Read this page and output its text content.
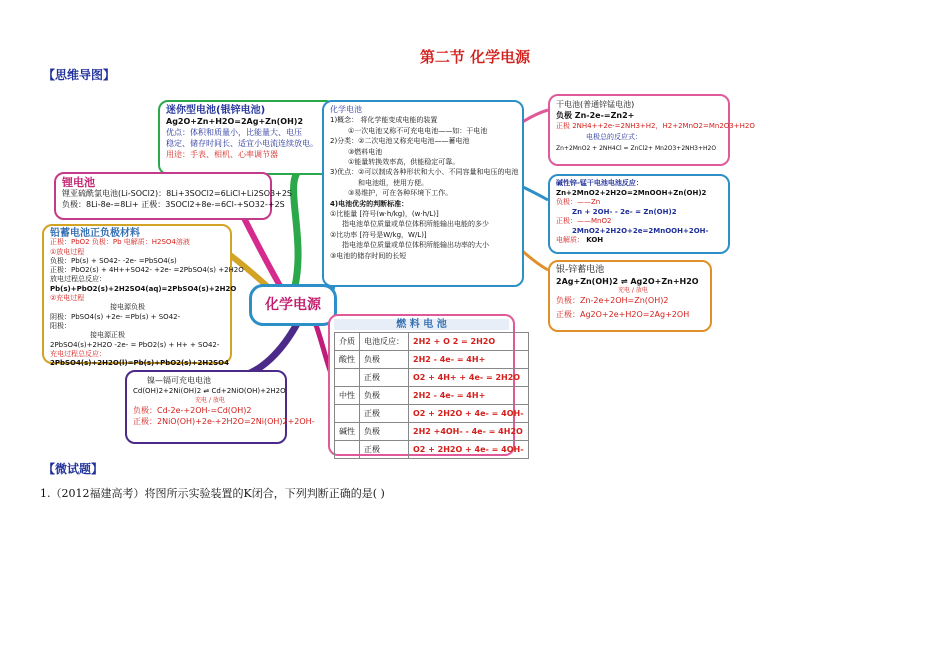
第二节 化学电源
【思维导图】
化学电源

迷你型电池(银锌电池)

Ag2O+Zn+H2O=2Ag+Zn(OH)2

优点：体积和质量小，比能量大、电压

稳定、储存时间长、适宜小电流连续放电。

用途：手表、相机、心率调节器

锂电池

锂亚硫酰氯电池(Li-SOCl2)：8Li+3SOCl2=6LiCl+Li2SO3+2S

负极：8Li-8e-=8Li+ 正极：3SOCl2+8e-=6Cl-+SO32-+2S

铅蓄电池正负极材料

正极：PbO2 负极：Pb 电解质：H2SO4溶液

①放电过程

负极：Pb(s) + SO42- -2e- =PbSO4(s)

正极：PbO2(s) + 4H++SO42- +2e- =2PbSO4(s) +2H2O

放电过程总反应：

Pb(s)+PbO2(s)+2H2SO4(aq)=2PbSO4(s)+2H2O

②充电过程

接电源负极

阴极：PbSO4(s) +2e- =Pb(s) + SO42-

阳极：

接电源正极

2PbSO4(s)+2H2O -2e- = PbO2(s) + H+ + SO42-

充电过程总反应：

2PbSO4(s)+2H2O(l)=Pb(s)+PbO2(s)+2H2SO4

镍—镉可充电电池

Cd(OH)2+2Ni(OH)2 ⇌ Cd+2NiO(OH)+2H2O

充电 / 放电

负极：Cd-2e-+2OH-=Cd(OH)2

正极：2NiO(OH)+2e-+2H2O=2Ni(OH)2+2OH-

化学电池

1)概念： 将化学能变成电能的装置

①一次电池又称不可充电电池——如：干电池

2)分类：②二次电池又称充电电池——蓄电池

③燃料电池

①能量转换效率高，供能稳定可靠。

3)优点：②可以制成各种形状和大小、不同容量和电压的电池

和电池组，使用方便。

③易维护，可在各种环境下工作。

4)电池优劣的判断标准：

①比能量 [符号(w·h/kg)，(w·h/L)]

指电池单位质量或单位体积所能输出电能的多少

②比功率 [符号是W/kg，W/L)]

指电池单位质量或单位体积所能输出功率的大小

③电池的储存时间的长短

干电池(普通锌锰电池)

负极 Zn-2e-=Zn2+

正极 2NH4++2e-=2NH3+H2，H2+2MnO2=Mn2O3+H2O

电极总的反应式：

Zn+2MnO2 + 2NH4Cl = ZnCl2+ Mn2O3+2NH3+H2O

碱性锌-锰干电池电池反应：

Zn+2MnO2+2H2O=2MnOOH+Zn(OH)2

负极：——Zn

Zn + 2OH- - 2e- = Zn(OH)2

正极：——MnO2

2MnO2+2H2O+2e=2MnOOH+2OH-

电解质： KOH

银-锌蓄电池

2Ag+Zn(OH)2 ⇌ Ag2O+Zn+H2O

充电 / 放电

负极：Zn-2e+2OH=Zn(OH)2

正极：Ag2O+2e+H2O=2Ag+2OH

燃 料 电 池
介质	电池反应：	2H2 + O 2 = 2H2O
酸性	负极	2H2 - 4e- = 4H+
	正极	O2 + 4H+ + 4e- = 2H2O
中性	负极	2H2 - 4e- = 4H+
	正极	O2 + 2H2O + 4e- = 4OH-
碱性	负极	2H2 +4OH- - 4e- = 4H2O
	正极	O2 + 2H2O + 4e- = 4OH-
【微试题】
1.（2012福建高考）将图所示实验装置的K闭合，下列判断正确的是( )
